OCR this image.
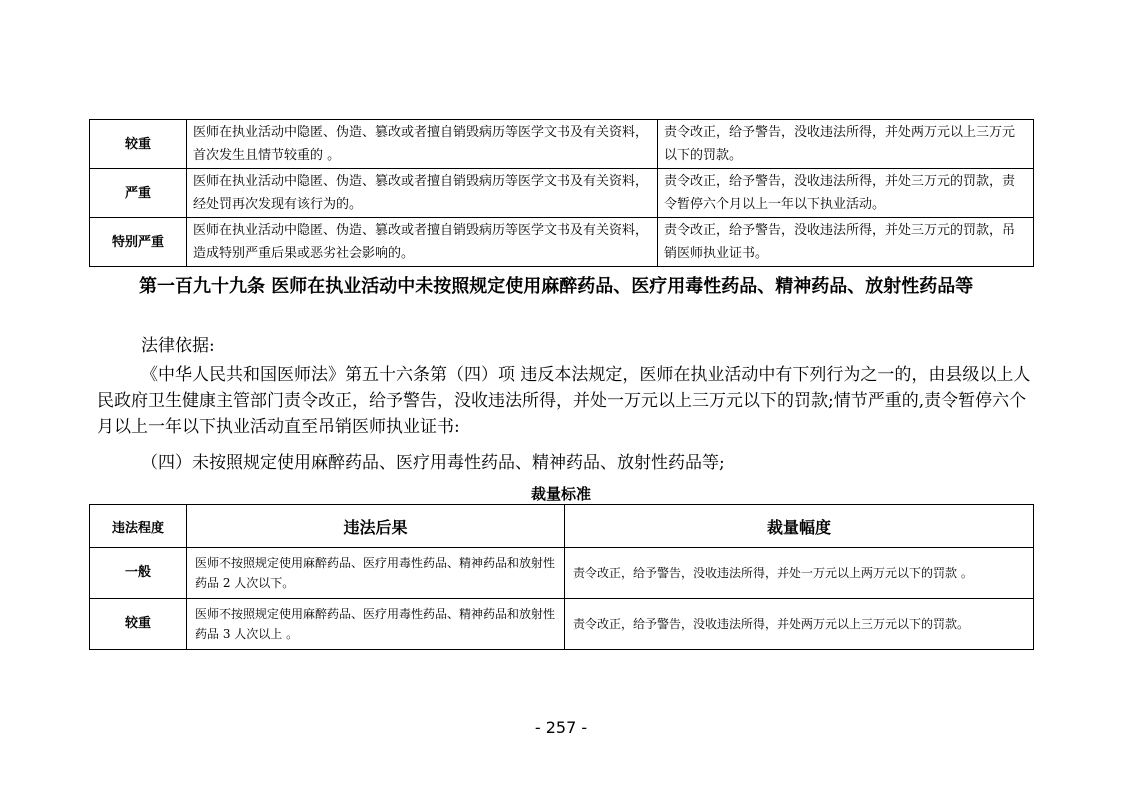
较重	医师在执业活动中隐匿、伪造、篡改或者擅自销毁病历等医学文书及有关资料，首次发生且情节较重的 。	责令改正，给予警告，没收违法所得，并处两万元以上三万元以下的罚款。
严重	医师在执业活动中隐匿、伪造、篡改或者擅自销毁病历等医学文书及有关资料，经处罚再次发现有该行为的。	责令改正，给予警告，没收违法所得，并处三万元的罚款，责令暂停六个月以上一年以下执业活动。
特别严重	医师在执业活动中隐匿、伪造、篡改或者擅自销毁病历等医学文书及有关资料，造成特别严重后果或恶劣社会影响的。	责令改正，给予警告，没收违法所得，并处三万元的罚款，吊销医师执业证书。

第一百九十九条 医师在执业活动中未按照规定使用麻醉药品、医疗用毒性药品、精神药品、放射性药品等

法律依据:

《中华人民共和国医师法》第五十六条第（四）项 违反本法规定，医师在执业活动中有下列行为之一的，由县级以上人民政府卫生健康主管部门责令改正，给予警告，没收违法所得，并处一万元以上三万元以下的罚款;情节严重的,责令暂停六个月以上一年以下执业活动直至吊销医师执业证书:

（四）未按照规定使用麻醉药品、医疗用毒性药品、精神药品、放射性药品等;

裁量标准
违法程度	违法后果	裁量幅度
一般	医师不按照规定使用麻醉药品、医疗用毒性药品、精神药品和放射性药品 2 人次以下。	责令改正，给予警告，没收违法所得，并处一万元以上两万元以下的罚款 。
较重	医师不按照规定使用麻醉药品、医疗用毒性药品、精神药品和放射性药品 3 人次以上 。	责令改正，给予警告，没收违法所得，并处两万元以上三万元以下的罚款。
- 257 -
